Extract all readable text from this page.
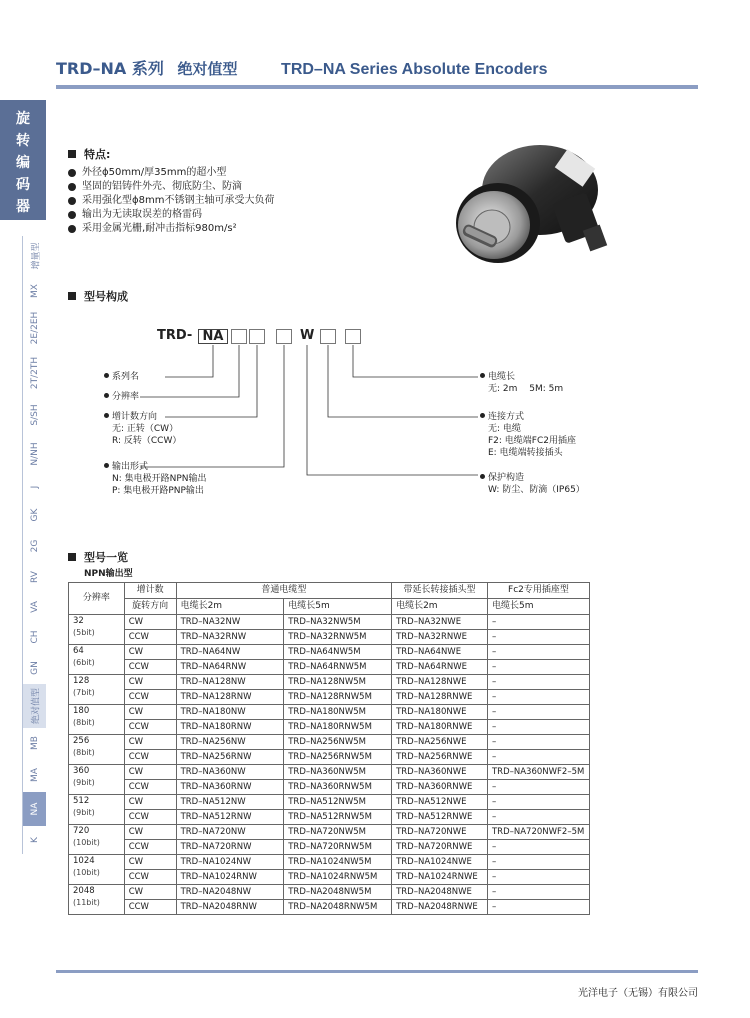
TRD–NA 系列 绝对值型	TRD–NA Series Absolute Encoders
旋转编码器
增量型
MX
2E/2EH
2T/2TH
S/SH
N/NH
J
GK
2G
RV
VA
CH
GN
绝对值型
MB
MA
NA
K
特点:
外径ϕ50mm/厚35mm的超小型
坚固的铝铸件外壳、彻底防尘、防滴
采用强化型ϕ8mm不锈钢主轴可承受大负荷
输出为无读取误差的格雷码
采用金属光栅,耐冲击指标980m/s²
型号构成
TRD- NA	W
系列名
分辨率
增计数方向
无: 正转（CW）
R: 反转（CCW）
输出形式
N: 集电极开路NPN输出
P: 集电极开路PNP输出
电缆长
无: 2m　 5M: 5m
连接方式
无: 电缆
F2: 电缆端FC2用插座
E: 电缆端转接插头
保护构造
W: 防尘、防滴（IP65）
型号一览
NPN输出型
分辨率	增计数	普通电缆型		带延长转接插头型	Fc2专用插座型
	旋转方向	电缆长2m	电缆长5m	电缆长2m	电缆长5m

32
(5bit)	CW	TRD–NA32NW	TRD–NA32NW5M	TRD–NA32NWE	–
	CCW	TRD–NA32RNW	TRD–NA32RNW5M	TRD–NA32RNWE	–

64
(6bit)	CW	TRD–NA64NW	TRD–NA64NW5M	TRD–NA64NWE	–
	CCW	TRD–NA64RNW	TRD–NA64RNW5M	TRD–NA64RNWE	–

128
(7bit)	CW	TRD–NA128NW	TRD–NA128NW5M	TRD–NA128NWE	–
	CCW	TRD–NA128RNW	TRD–NA128RNW5M	TRD–NA128RNWE	–

180
(8bit)	CW	TRD–NA180NW	TRD–NA180NW5M	TRD–NA180NWE	–
	CCW	TRD–NA180RNW	TRD–NA180RNW5M	TRD–NA180RNWE	–

256
(8bit)	CW	TRD–NA256NW	TRD–NA256NW5M	TRD–NA256NWE	–
	CCW	TRD–NA256RNW	TRD–NA256RNW5M	TRD–NA256RNWE	–

360
(9bit)	CW	TRD–NA360NW	TRD–NA360NW5M	TRD–NA360NWE	TRD–NA360NWF2–5M
	CCW	TRD–NA360RNW	TRD–NA360RNW5M	TRD–NA360RNWE	–

512
(9bit)	CW	TRD–NA512NW	TRD–NA512NW5M	TRD–NA512NWE	–
	CCW	TRD–NA512RNW	TRD–NA512RNW5M	TRD–NA512RNWE	–

720
(10bit)	CW	TRD–NA720NW	TRD–NA720NW5M	TRD–NA720NWE	TRD–NA720NWF2–5M
	CCW	TRD–NA720RNW	TRD–NA720RNW5M	TRD–NA720RNWE	–

1024
(10bit)	CW	TRD–NA1024NW	TRD–NA1024NW5M	TRD–NA1024NWE	–
	CCW	TRD–NA1024RNW	TRD–NA1024RNW5M	TRD–NA1024RNWE	–

2048
(11bit)	CW	TRD–NA2048NW	TRD–NA2048NW5M	TRD–NA2048NWE	–
	CCW	TRD–NA2048RNW	TRD–NA2048RNW5M	TRD–NA2048RNWE	–
光洋电子（无锡）有限公司
